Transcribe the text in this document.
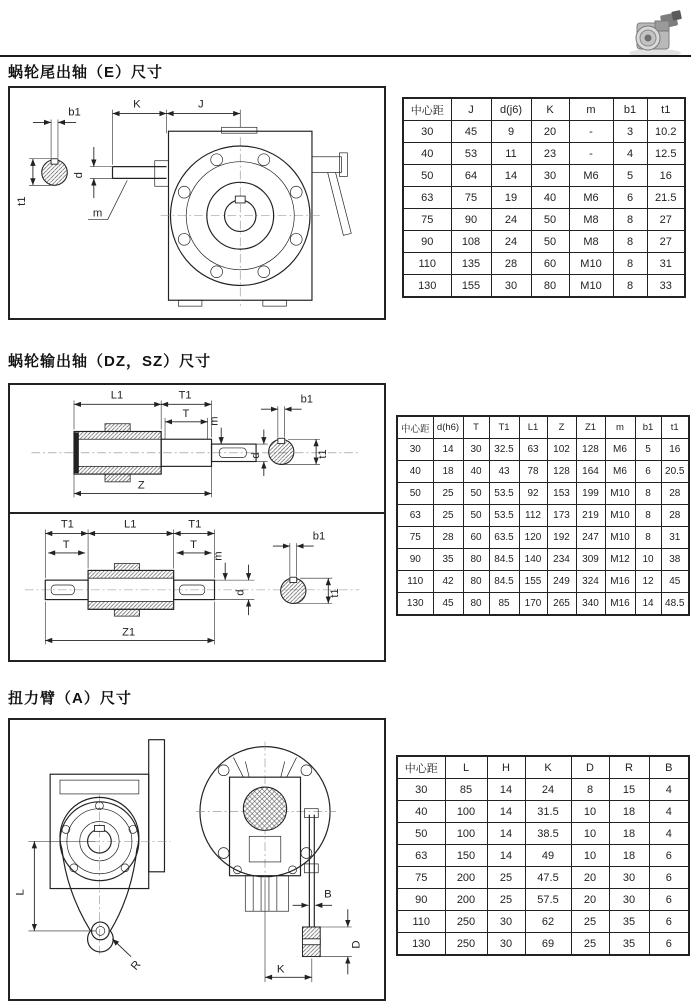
蜗轮尾出轴（E）尺寸
b1
t1
d
m
K	J	中心距	J	d(j6)	K	m	b1	t1
30	45	9	20	-	3	10.2
40	53	11	23	-	4	12.5
50	64	14	30	M6	5	16
63	75	19	40	M6	6	21.5
75	90	24	50	M8	8	27
90	108	24	50	M8	8	27
110	135	28	60	M10	8	31
130	155	30	80	M10	8	33
蜗轮输出轴（DZ，SZ）尺寸
L1	T1
T
m
d
Z
b1
t1
T1	L1	T1
T	T
m
d
Z1
b1
t1
中心距	d(h6)	T	T1	L1	Z	Z1	m	b1	t1
30	14	30	32.5	63	102	128	M6	5	16
40	18	40	43	78	128	164	M6	6	20.5
50	25	50	53.5	92	153	199	M10	8	28
63	25	50	53.5	112	173	219	M10	8	28
75	28	60	63.5	120	192	247	M10	8	31
90	35	80	84.5	140	234	309	M12	10	38
110	42	80	84.5	155	249	324	M16	12	45
130	45	80	85	170	265	340	M16	14	48.5
扭力臂（A）尺寸
L
R
B
K
D
中心距	L	H	K	D	R	B
30	85	14	24	8	15	4
40	100	14	31.5	10	18	4
50	100	14	38.5	10	18	4
63	150	14	49	10	18	6
75	200	25	47.5	20	30	6
90	200	25	57.5	20	30	6
110	250	30	62	25	35	6
130	250	30	69	25	35	6
